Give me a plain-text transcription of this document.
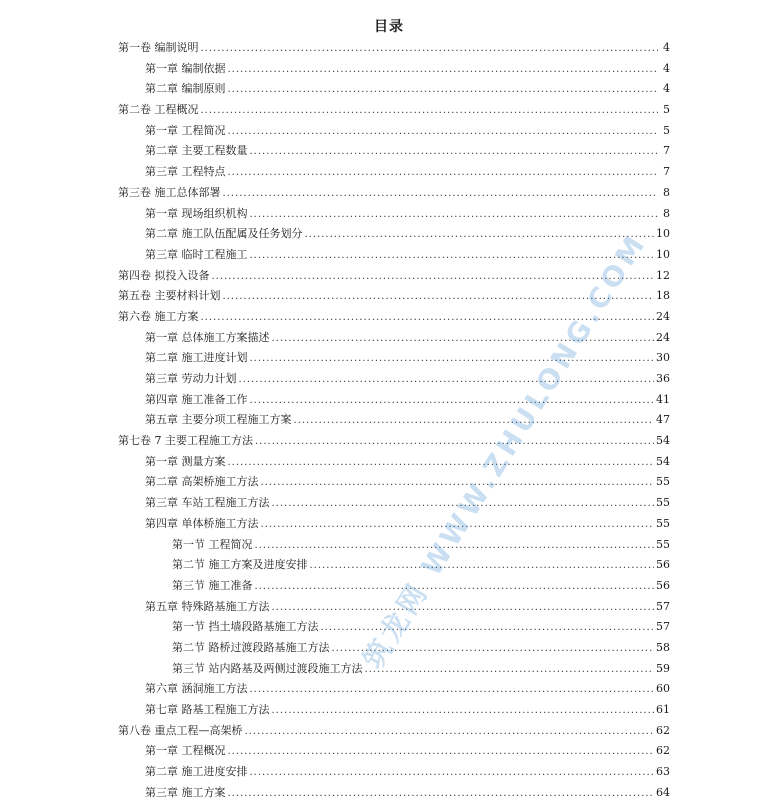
目录
第一卷 编制说明 .....	4
第一章 编制依据 .....	4
第二章 编制原则 .....	4
第二卷 工程概况 .....	5
第一章 工程简况 .....	5
第二章 主要工程数量 .....	7
第三章 工程特点 .....	7
第三卷 施工总体部署 .....	8
第一章 现场组织机构 .....	8
第二章 施工队伍配属及任务划分 .....	10
第三章 临时工程施工 .....	10
第四卷 拟投入设备 .....	12
第五卷 主要材料计划 .....	18
第六卷 施工方案 .....	24
第一章 总体施工方案描述 .....	24
第二章 施工进度计划 .....	30
第三章 劳动力计划 .....	36
第四章 施工准备工作 .....	41
第五章 主要分项工程施工方案 .....	47
第七卷 7 主要工程施工方法 .....	54
第一章 测量方案 .....	54
第二章 高架桥施工方法 .....	55
第三章 车站工程施工方法 .....	55
第四章 单体桥施工方法 .....	55
第一节 工程简况 .....	55
第二节 施工方案及进度安排 .....	56
第三节 施工准备 .....	56
第五章 特殊路基施工方法 .....	57
第一节 挡土墙段路基施工方法 .....	57
第二节 路桥过渡段路基施工方法 .....	58
第三节 站内路基及两侧过渡段施工方法 .....	59
第六章 涵洞施工方法 .....	60
第七章 路基工程施工方法 .....	61
第八卷 重点工程—高架桥 .....	62
第一章 工程概况 .....	62
第二章 施工进度安排 .....	63
第三章 施工方案 .....	64
筑龙网 WWW.ZHULONG.COM
